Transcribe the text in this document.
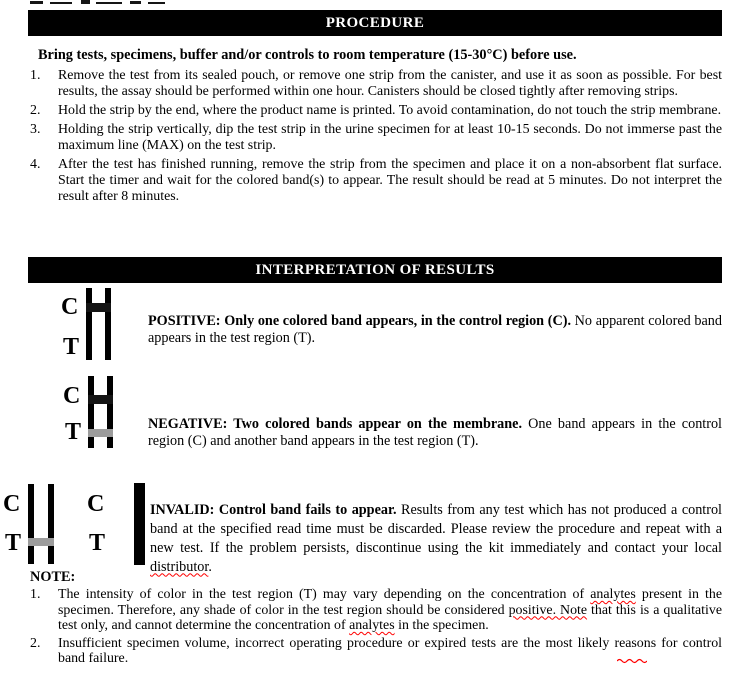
PROCEDURE
Bring tests, specimens, buffer and/or controls to room temperature (15-30°C) before use.
1.	Remove the test from its sealed pouch, or remove one strip from the canister, and use it as soon as possible. For best results, the assay should be performed within one hour. Canisters should be closed tightly after removing strips.
2.	Hold the strip by the end, where the product name is printed. To avoid contamination, do not touch the strip membrane.
3.	Holding the strip vertically, dip the test strip in the urine specimen for at least 10-15 seconds. Do not immerse past the maximum line (MAX) on the test strip.
4.	After the test has finished running, remove the strip from the specimen and place it on a non-absorbent flat surface. Start the timer and wait for the colored band(s) to appear. The result should be read at 5 minutes. Do not interpret the result after 8 minutes.
INTERPRETATION OF RESULTS
C
T

POSITIVE: Only one colored band appears, in the control region (C). No apparent colored band appears in the test region (T).

C
T	NEGATIVE: Two colored bands appear on the membrane. One band appears in the control region (C) and another band appears in the test region (T).

C
T
C
T

INVALID: Control band fails to appear. Results from any test which has not produced a control band at the specified read time must be discarded. Please review the procedure and repeat with a new test. If the problem persists, discontinue using the kit immediately and contact your local distributor.

NOTE:
1.	The intensity of color in the test region (T) may vary depending on the concentration of analytes present in the specimen. Therefore, any shade of color in the test region should be considered positive. Note that this is a qualitative test only, and cannot determine the concentration of analytes in the specimen.
2.	Insufficient specimen volume, incorrect operating procedure or expired tests are the most likely reasons for control band failure.
